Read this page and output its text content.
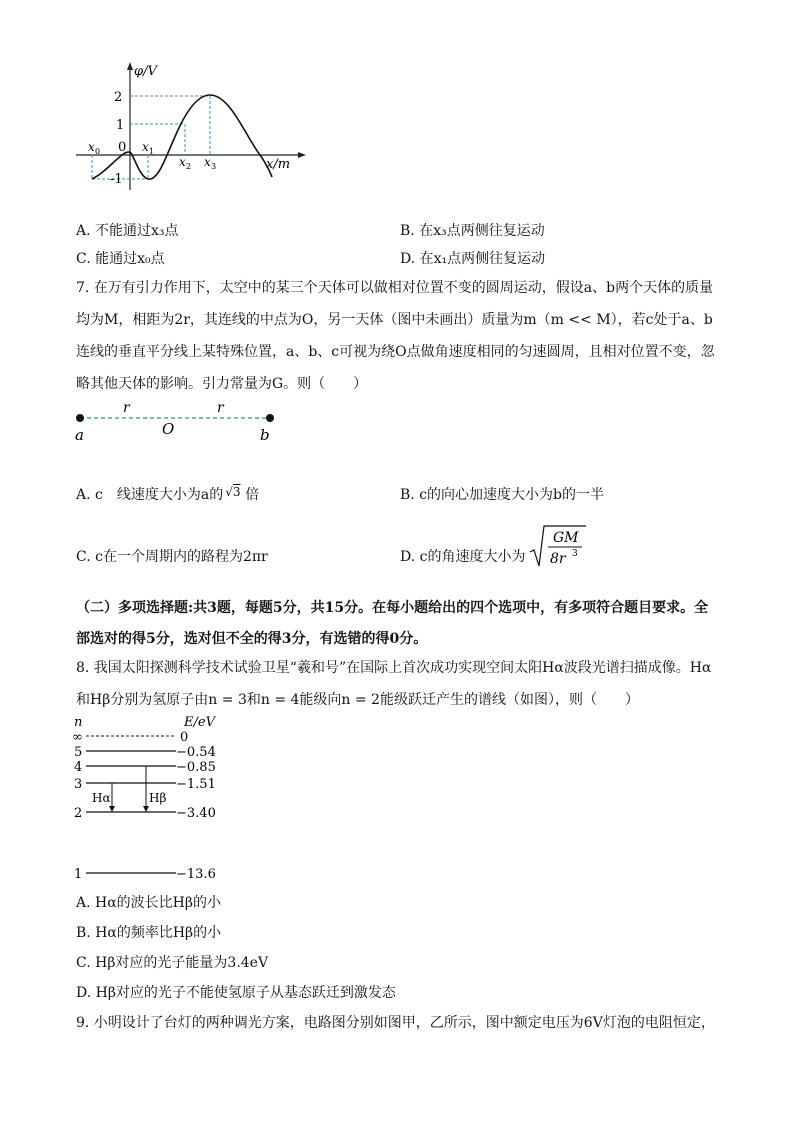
φ/V
x/m
2
1
0
-1
x 0	x 1
x 2 x 3
A. 不能通过x₃点	B. 在x₃点两侧往复运动
C. 能通过x₀点	D. 在x₁点两侧往复运动
7. 在万有引力作用下，太空中的某三个天体可以做相对位置不变的圆周运动，假设a、b两个天体的质量
均为M，相距为2r，其连线的中点为O，另一天体（图中未画出）质量为m（m << M），若c处于a、b
连线的垂直平分线上某特殊位置，a、b、c可视为绕O点做角速度相同的匀速圆周，且相对位置不变，忽
略其他天体的影响。引力常量为G。则（　　）
a	b
O
r	r
A. c　线速度大小为a的 √3 倍	B. c的向心加速度大小为b的一半
C. c在一个周期内的路程为2πr	D. c的角速度大小为
GM
8r 3
（二）多项选择题:共3题，每题5分，共15分。在每小题给出的四个选项中，有多项符合题目要求。全
部选对的得5分，选对但不全的得3分，有选错的得0分。
8. 我国太阳探测科学技术试验卫星“羲和号”在国际上首次成功实现空间太阳Hα波段光谱扫描成像。Hα
和Hβ分别为氢原子由n = 3和n = 4能级向n = 2能级跃迁产生的谱线（如图），则（　　）
n	E/eV
∞	0
5	−0.54
4	−0.85
3	−1.51
2	−3.40
Hα	Hβ
1	−13.6
A. Hα的波长比Hβ的小
B. Hα的频率比Hβ的小
C. Hβ对应的光子能量为3.4eV
D. Hβ对应的光子不能使氢原子从基态跃迁到激发态
9. 小明设计了台灯的两种调光方案，电路图分别如图甲，乙所示，图中额定电压为6V灯泡的电阻恒定，
